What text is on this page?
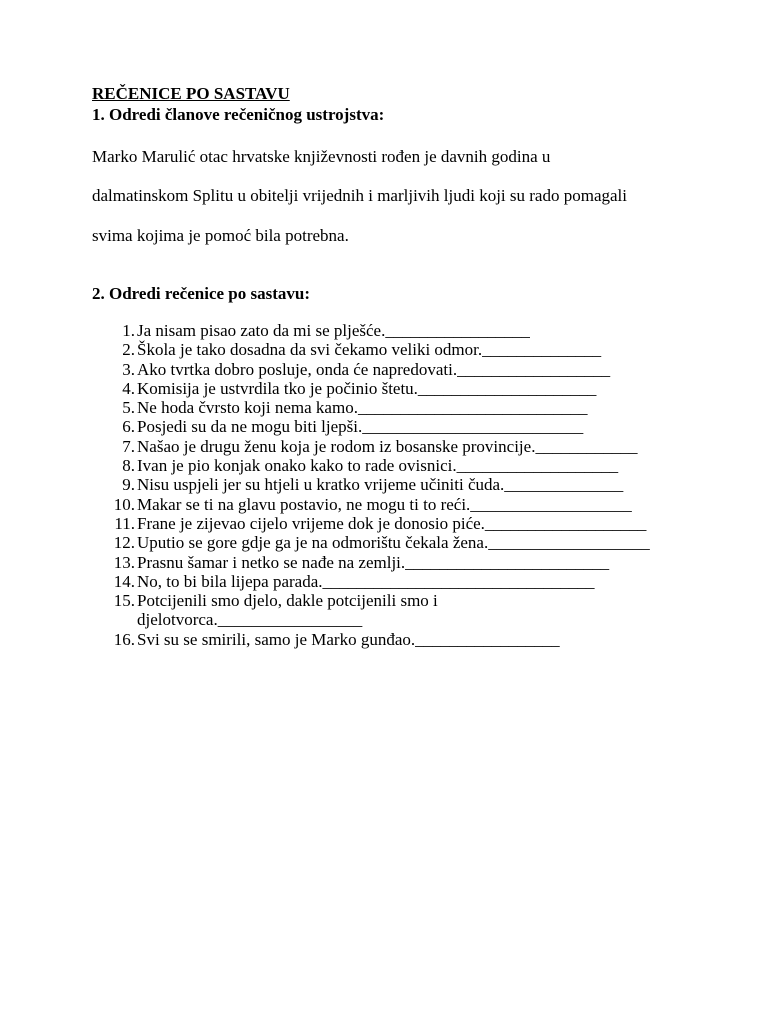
REČENICE PO SASTAVU
1. Odredi članove rečeničnog ustrojstva:
Marko Marulić otac hrvatske književnosti rođen je davnih godina u
dalmatinskom Splitu u obitelji vrijednih i marljivih ljudi koji su rado pomagali
svima kojima je pomoć bila potrebna.
2. Odredi rečenice po sastavu:
1. Ja nisam pisao zato da mi se plješće._________________
2. Škola je tako dosadna da svi čekamo veliki odmor.______________
3. Ako tvrtka dobro posluje, onda će napredovati.__________________
4. Komisija je ustvrdila tko je počinio štetu._____________________
5. Ne hoda čvrsto koji nema kamo.___________________________
6. Posjedi su da ne mogu biti ljepši.__________________________
7. Našao je drugu ženu koja je rodom iz bosanske provincije.____________
8. Ivan je pio konjak onako kako to rade ovisnici.___________________
9. Nisu uspjeli jer su htjeli u kratko vrijeme učiniti čuda.______________
10. Makar se ti na glavu postavio, ne mogu ti to reći.___________________
11. Frane je zijevao cijelo vrijeme dok je donosio piće.___________________
12. Uputio se gore gdje ga je na odmorištu čekala žena.___________________
13. Prasnu šamar i netko se nađe na zemlji.________________________
14. No, to bi bila lijepa parada.________________________________
15. Potcijenili smo djelo, dakle potcijenili smo i
djelotvorca._________________
16. Svi su se smirili, samo je Marko gunđao._________________
